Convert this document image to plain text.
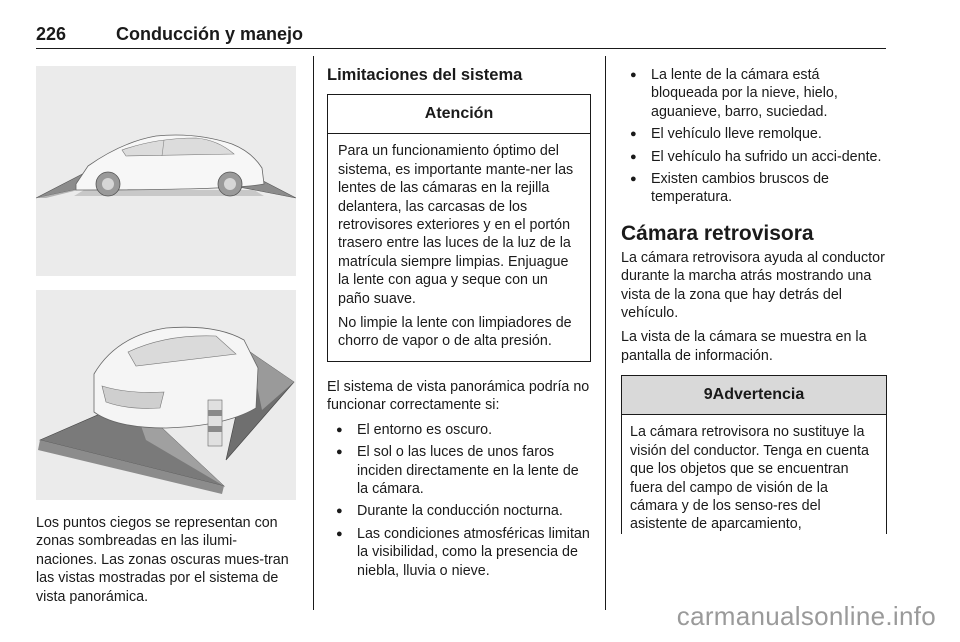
226	Conducción y manejo

Los puntos ciegos se representan con zonas sombreadas en las ilumi-naciones. Las zonas oscuras mues-tran las vistas mostradas por el sistema de vista panorámica.

Limitaciones del sistema
Atención

Para un funcionamiento óptimo del sistema, es importante mante-ner las lentes de las cámaras en la rejilla delantera, las carcasas de los retrovisores exteriores y en el portón trasero entre las luces de la luz de la matrícula siempre limpias. Enjuague la lente con agua y seque con un paño suave.

No limpie la lente con limpiadores de chorro de vapor o de alta presión.

El sistema de vista panorámica podría no funcionar correctamente si:

● El entorno es oscuro.
● El sol o las luces de unos faros inciden directamente en la lente de la cámara.
● Durante la conducción nocturna.
● Las condiciones atmosféricas limitan la visibilidad, como la presencia de niebla, lluvia o nieve.
● La lente de la cámara está bloqueada por la nieve, hielo, aguanieve, barro, suciedad.
● El vehículo lleve remolque.
● El vehículo ha sufrido un acci-dente.
● Existen cambios bruscos de temperatura.
Cámara retrovisora

La cámara retrovisora ayuda al conductor durante la marcha atrás mostrando una vista de la zona que hay detrás del vehículo.

La vista de la cámara se muestra en la pantalla de información.

9Advertencia

La cámara retrovisora no sustituye la visión del conductor. Tenga en cuenta que los objetos que se encuentran fuera del campo de visión de la cámara y de los senso-res del asistente de aparcamiento,

carmanualsonline.info
